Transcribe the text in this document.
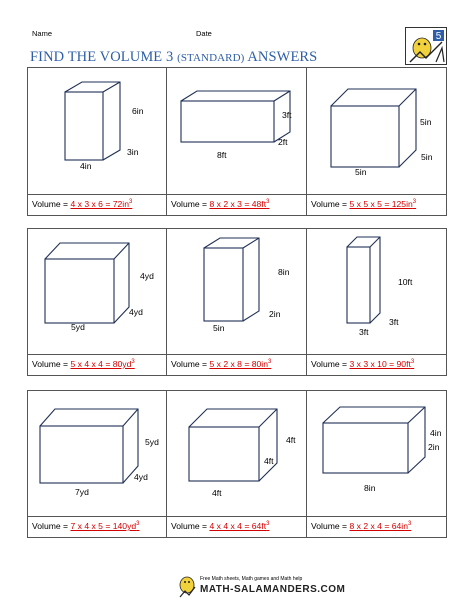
Name	Date
FIND THE VOLUME 3 (STANDARD) ANSWERS
5
6in
3in
4in
Volume = 4 x 3 x $6 = 72in^3$
3ft
2ft
8ft
Volume = 8 x 2 x $3 = 48ft^3$
5in
5in
5in
Volume = 5 x 5 x $5 = 125in^3$
4yd
4yd
5yd
Volume = 5 x 4 x $4 = 80yd^3$
8in
2in
5in
Volume = 5 x 2 x $8 = 80in^3$
10ft
3ft
3ft
Volume = 3 x 3 x $10 = 90ft^3$
5yd
4yd
7yd
Volume = 7 x 4 x $5 = 140yd^3$
4ft
4ft
4ft
Volume = 4 x 4 x $4 = 64ft^3$
4in
2in
8in
Volume = 8 x 2 x $4 = 64in^3$
Free Math sheets, Math games and Math help
MATH-SALAMANDERS.COM
